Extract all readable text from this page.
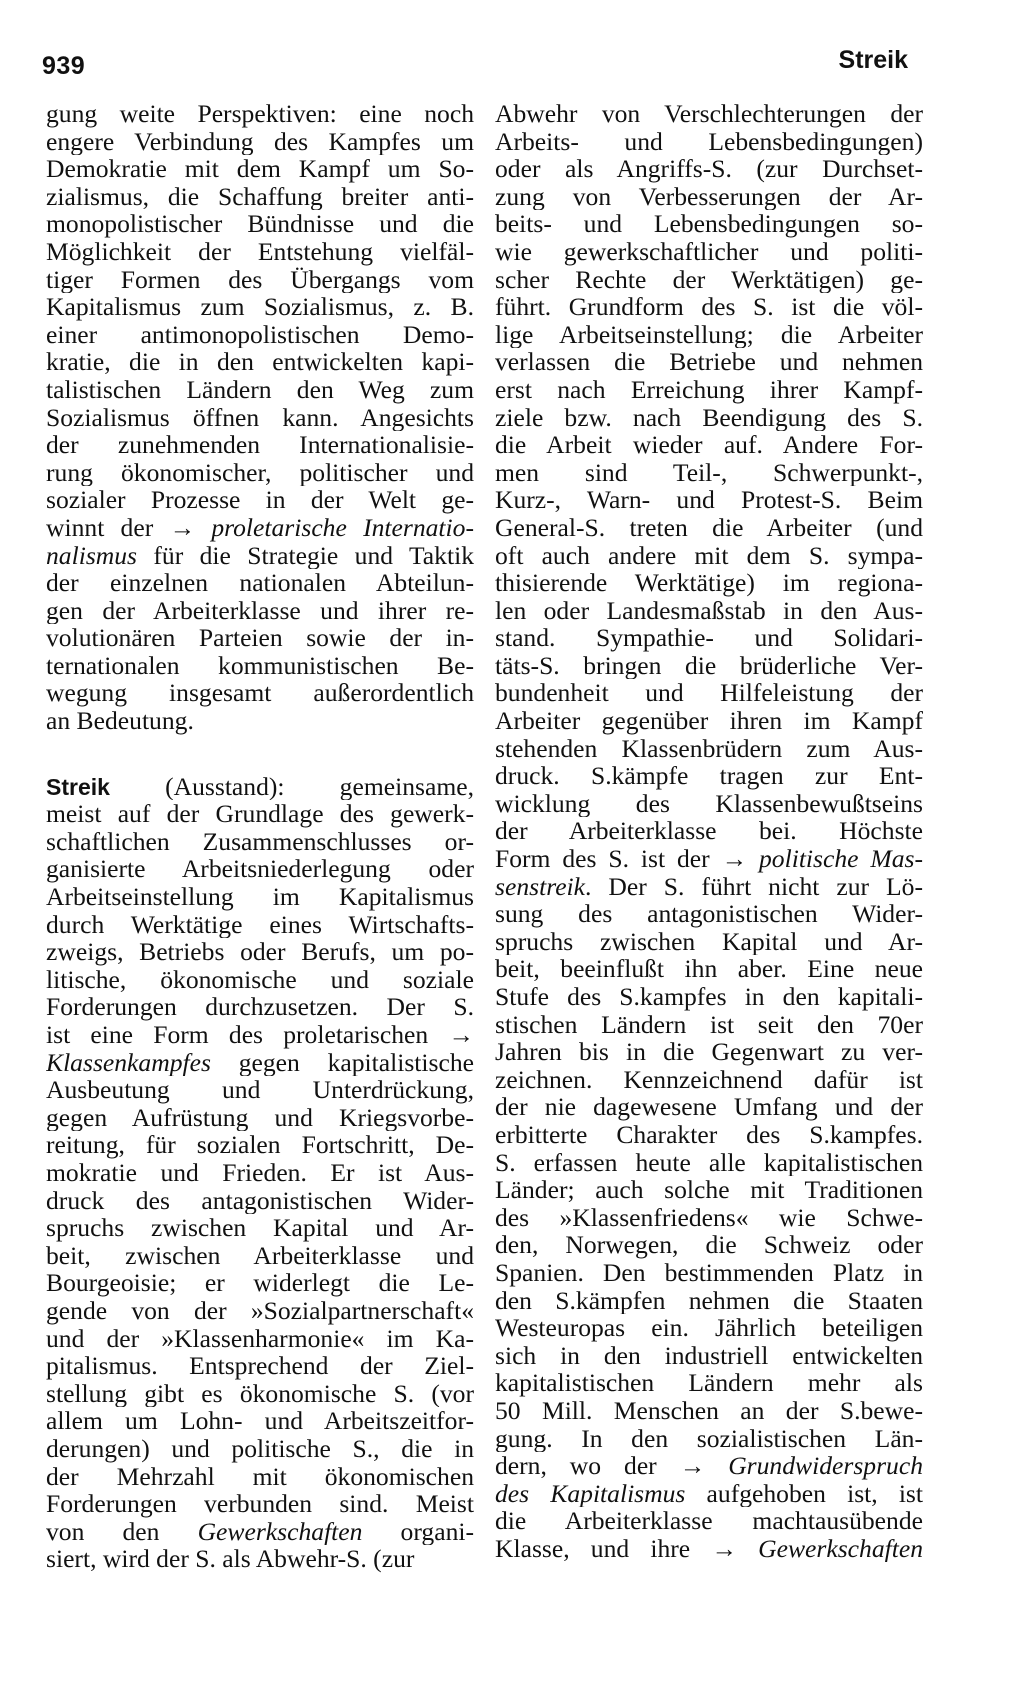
939	Streik
gung weite Perspektiven: eine noch
engere Verbindung des Kampfes um
Demokratie mit dem Kampf um So-
zialismus, die Schaffung breiter anti-
monopolistischer Bündnisse und die
Möglichkeit der Entstehung vielfäl-
tiger Formen des Übergangs vom
Kapitalismus zum Sozialismus, z. B.
einer antimonopolistischen Demo-
kratie, die in den entwickelten kapi-
talistischen Ländern den Weg zum
Sozialismus öffnen kann. Angesichts
der zunehmenden Internationalisie-
rung ökonomischer, politischer und
sozialer Prozesse in der Welt ge-
winnt der → proletarische Internatio-
nalismus für die Strategie und Taktik
der einzelnen nationalen Abteilun-
gen der Arbeiterklasse und ihrer re-
volutionären Parteien sowie der in-
ternationalen kommunistischen Be-
wegung insgesamt außerordentlich
an Bedeutung.
Streik (Ausstand): gemeinsame,
meist auf der Grundlage des gewerk-
schaftlichen Zusammenschlusses or-
ganisierte Arbeitsniederlegung oder
Arbeitseinstellung im Kapitalismus
durch Werktätige eines Wirtschafts-
zweigs, Betriebs oder Berufs, um po-
litische, ökonomische und soziale
Forderungen durchzusetzen. Der S.
ist eine Form des proletarischen →
Klassenkampfes gegen kapitalistische
Ausbeutung und Unterdrückung,
gegen Aufrüstung und Kriegsvorbe-
reitung, für sozialen Fortschritt, De-
mokratie und Frieden. Er ist Aus-
druck des antagonistischen Wider-
spruchs zwischen Kapital und Ar-
beit, zwischen Arbeiterklasse und
Bourgeoisie; er widerlegt die Le-
gende von der »Sozialpartnerschaft«
und der »Klassenharmonie« im Ka-
pitalismus. Entsprechend der Ziel-
stellung gibt es ökonomische S. (vor
allem um Lohn- und Arbeitszeitfor-
derungen) und politische S., die in
der Mehrzahl mit ökonomischen
Forderungen verbunden sind. Meist
von den Gewerkschaften organi-
siert, wird der S. als Abwehr-S. (zur
Abwehr von Verschlechterungen der
Arbeits- und Lebensbedingungen)
oder als Angriffs-S. (zur Durchset-
zung von Verbesserungen der Ar-
beits- und Lebensbedingungen so-
wie gewerkschaftlicher und politi-
scher Rechte der Werktätigen) ge-
führt. Grundform des S. ist die völ-
lige Arbeitseinstellung; die Arbeiter
verlassen die Betriebe und nehmen
erst nach Erreichung ihrer Kampf-
ziele bzw. nach Beendigung des S.
die Arbeit wieder auf. Andere For-
men sind Teil-, Schwerpunkt-,
Kurz-, Warn- und Protest-S. Beim
General-S. treten die Arbeiter (und
oft auch andere mit dem S. sympa-
thisierende Werktätige) im regiona-
len oder Landesmaßstab in den Aus-
stand. Sympathie- und Solidari-
täts-S. bringen die brüderliche Ver-
bundenheit und Hilfeleistung der
Arbeiter gegenüber ihren im Kampf
stehenden Klassenbrüdern zum Aus-
druck. S.kämpfe tragen zur Ent-
wicklung des Klassenbewußtseins
der Arbeiterklasse bei. Höchste
Form des S. ist der → politische Mas-
senstreik. Der S. führt nicht zur Lö-
sung des antagonistischen Wider-
spruchs zwischen Kapital und Ar-
beit, beeinflußt ihn aber. Eine neue
Stufe des S.kampfes in den kapitali-
stischen Ländern ist seit den 70er
Jahren bis in die Gegenwart zu ver-
zeichnen. Kennzeichnend dafür ist
der nie dagewesene Umfang und der
erbitterte Charakter des S.kampfes.
S. erfassen heute alle kapitalistischen
Länder; auch solche mit Traditionen
des »Klassenfriedens« wie Schwe-
den, Norwegen, die Schweiz oder
Spanien. Den bestimmenden Platz in
den S.kämpfen nehmen die Staaten
Westeuropas ein. Jährlich beteiligen
sich in den industriell entwickelten
kapitalistischen Ländern mehr als
50 Mill. Menschen an der S.bewe-
gung. In den sozialistischen Län-
dern, wo der → Grundwiderspruch
des Kapitalismus aufgehoben ist, ist
die Arbeiterklasse machtausübende
Klasse, und ihre → Gewerkschaften
